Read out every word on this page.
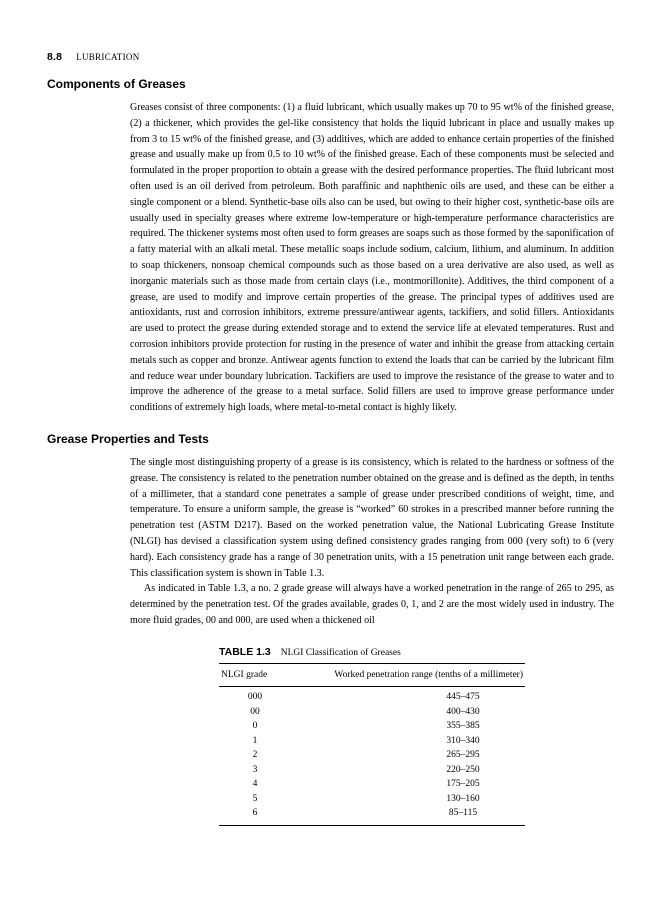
8.8 LUBRICATION
Components of Greases

Greases consist of three components: (1) a fluid lubricant, which usually makes up 70 to 95 wt% of the finished grease, (2) a thickener, which provides the gel-like consistency that holds the liquid lubricant in place and usually makes up from 3 to 15 wt% of the finished grease, and (3) additives, which are added to enhance certain properties of the finished grease and usually make up from 0.5 to 10 wt% of the finished grease. Each of these components must be selected and formulated in the proper proportion to obtain a grease with the desired performance properties. The fluid lubricant most often used is an oil derived from petroleum. Both paraffinic and naphthenic oils are used, and these can be either a single component or a blend. Synthetic-base oils also can be used, but owing to their higher cost, synthetic-base oils are usually used in specialty greases where extreme low-temperature or high-temperature performance characteristics are required. The thickener systems most often used to form greases are soaps such as those formed by the saponification of a fatty material with an alkali metal. These metallic soaps include sodium, calcium, lithium, and aluminum. In addition to soap thickeners, nonsoap chemical compounds such as those based on a urea derivative are also used, as well as inorganic materials such as those made from certain clays (i.e., montmorillonite). Additives, the third component of a grease, are used to modify and improve certain properties of the grease. The principal types of additives used are antioxidants, rust and corrosion inhibitors, extreme pressure/antiwear agents, tackifiers, and solid fillers. Antioxidants are used to protect the grease during extended storage and to extend the service life at elevated temperatures. Rust and corrosion inhibitors provide protection for rusting in the presence of water and inhibit the grease from attacking certain metals such as copper and bronze. Antiwear agents function to extend the loads that can be carried by the lubricant film and reduce wear under boundary lubrication. Tackifiers are used to improve the resistance of the grease to water and to improve the adherence of the grease to a metal surface. Solid fillers are used to improve grease performance under conditions of extremely high loads, where metal-to-metal contact is highly likely.

Grease Properties and Tests

The single most distinguishing property of a grease is its consistency, which is related to the hardness or softness of the grease. The consistency is related to the penetration number obtained on the grease and is defined as the depth, in tenths of a millimeter, that a standard cone penetrates a sample of grease under prescribed conditions of weight, time, and temperature. To ensure a uniform sample, the grease is “worked” 60 strokes in a prescribed manner before running the penetration test (ASTM D217). Based on the worked penetration value, the National Lubricating Grease Institute (NLGI) has devised a classification system using defined consistency grades ranging from 000 (very soft) to 6 (very hard). Each consistency grade has a range of 30 penetration units, with a 15 penetration unit range between each grade. This classification system is shown in Table 1.3.

As indicated in Table 1.3, a no. 2 grade grease will always have a worked penetration in the range of 265 to 295, as determined by the penetration test. Of the grades available, grades 0, 1, and 2 are the most widely used in industry. The more fluid grades, 00 and 000, are used when a thickened oil

TABLE 1.3 NLGI Classification of Greases
NLGI grade	Worked penetration range (tenths of a millimeter)
000	445–475
00	400–430
0	355–385
1	310–340
2	265–295
3	220–250
4	175–205
5	130–160
6	85–115
